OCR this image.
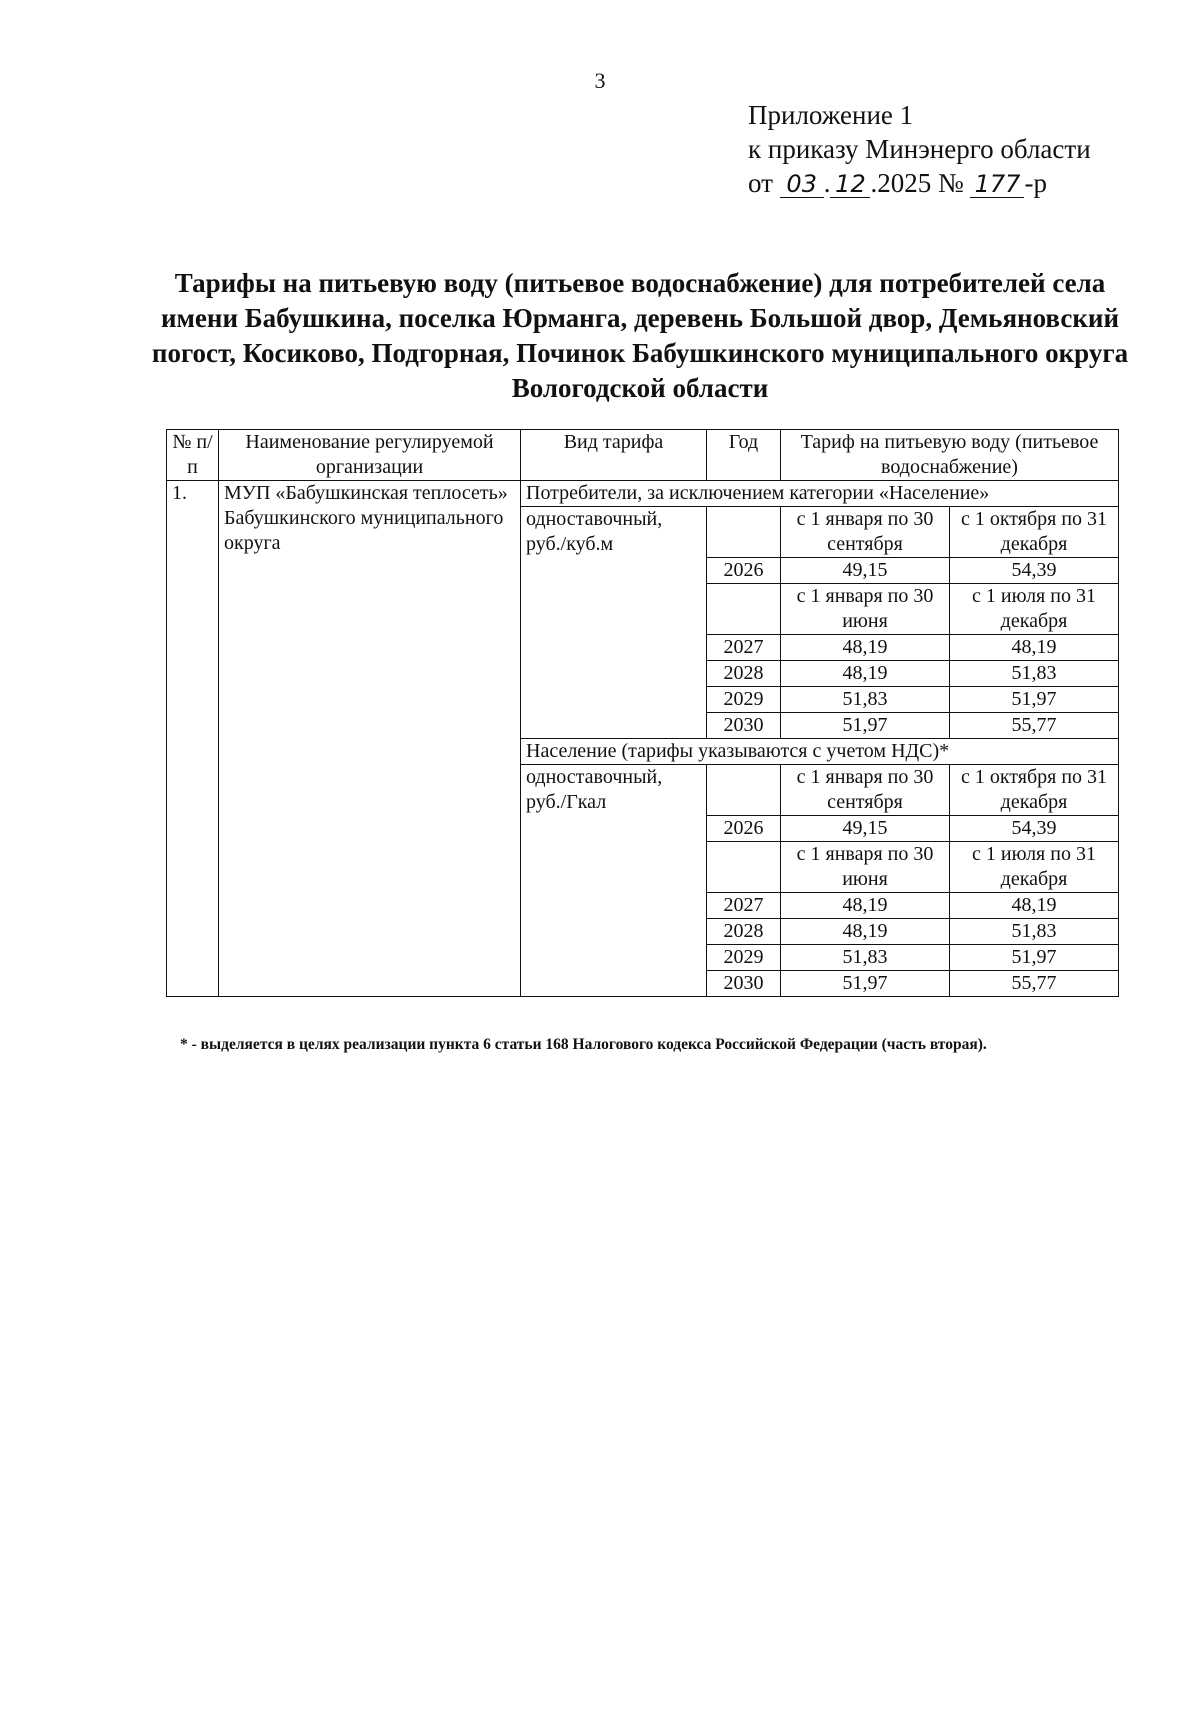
3
Приложение 1
к приказу Минэнерго области
от 03 . 12 .2025 № 177 -р
Тарифы на питьевую воду (питьевое водоснабжение) для потребителей села имени Бабушкина, поселка Юрманга, деревень Большой двор, Демьяновский погост, Косиково, Подгорная, Починок Бабушкинского муниципального округа Вологодской области
№ п/п	Наименование регулируемой организации	Вид тарифа	Год	Тариф на питьевую воду (питьевое водоснабжение)	
1.	МУП «Бабушкинская теплосеть» Бабушкинского муниципального округа	Потребители, за исключением категории «Население»			
		одноставочный, руб./куб.м		с 1 января по 30 сентября	с 1 октября по 31 декабря
			2026	49,15	54,39
				с 1 января по 30 июня	с 1 июля по 31 декабря
			2027	48,19	48,19
			2028	48,19	51,83
			2029	51,83	51,97
			2030	51,97	55,77
		Население (тарифы указываются с учетом НДС)*			
		одноставочный, руб./Гкал		с 1 января по 30 сентября	с 1 октября по 31 декабря
			2026	49,15	54,39
				с 1 января по 30 июня	с 1 июля по 31 декабря
			2027	48,19	48,19
			2028	48,19	51,83
			2029	51,83	51,97
			2030	51,97	55,77
* - выделяется в целях реализации пункта 6 статьи 168 Налогового кодекса Российской Федерации (часть вторая).
